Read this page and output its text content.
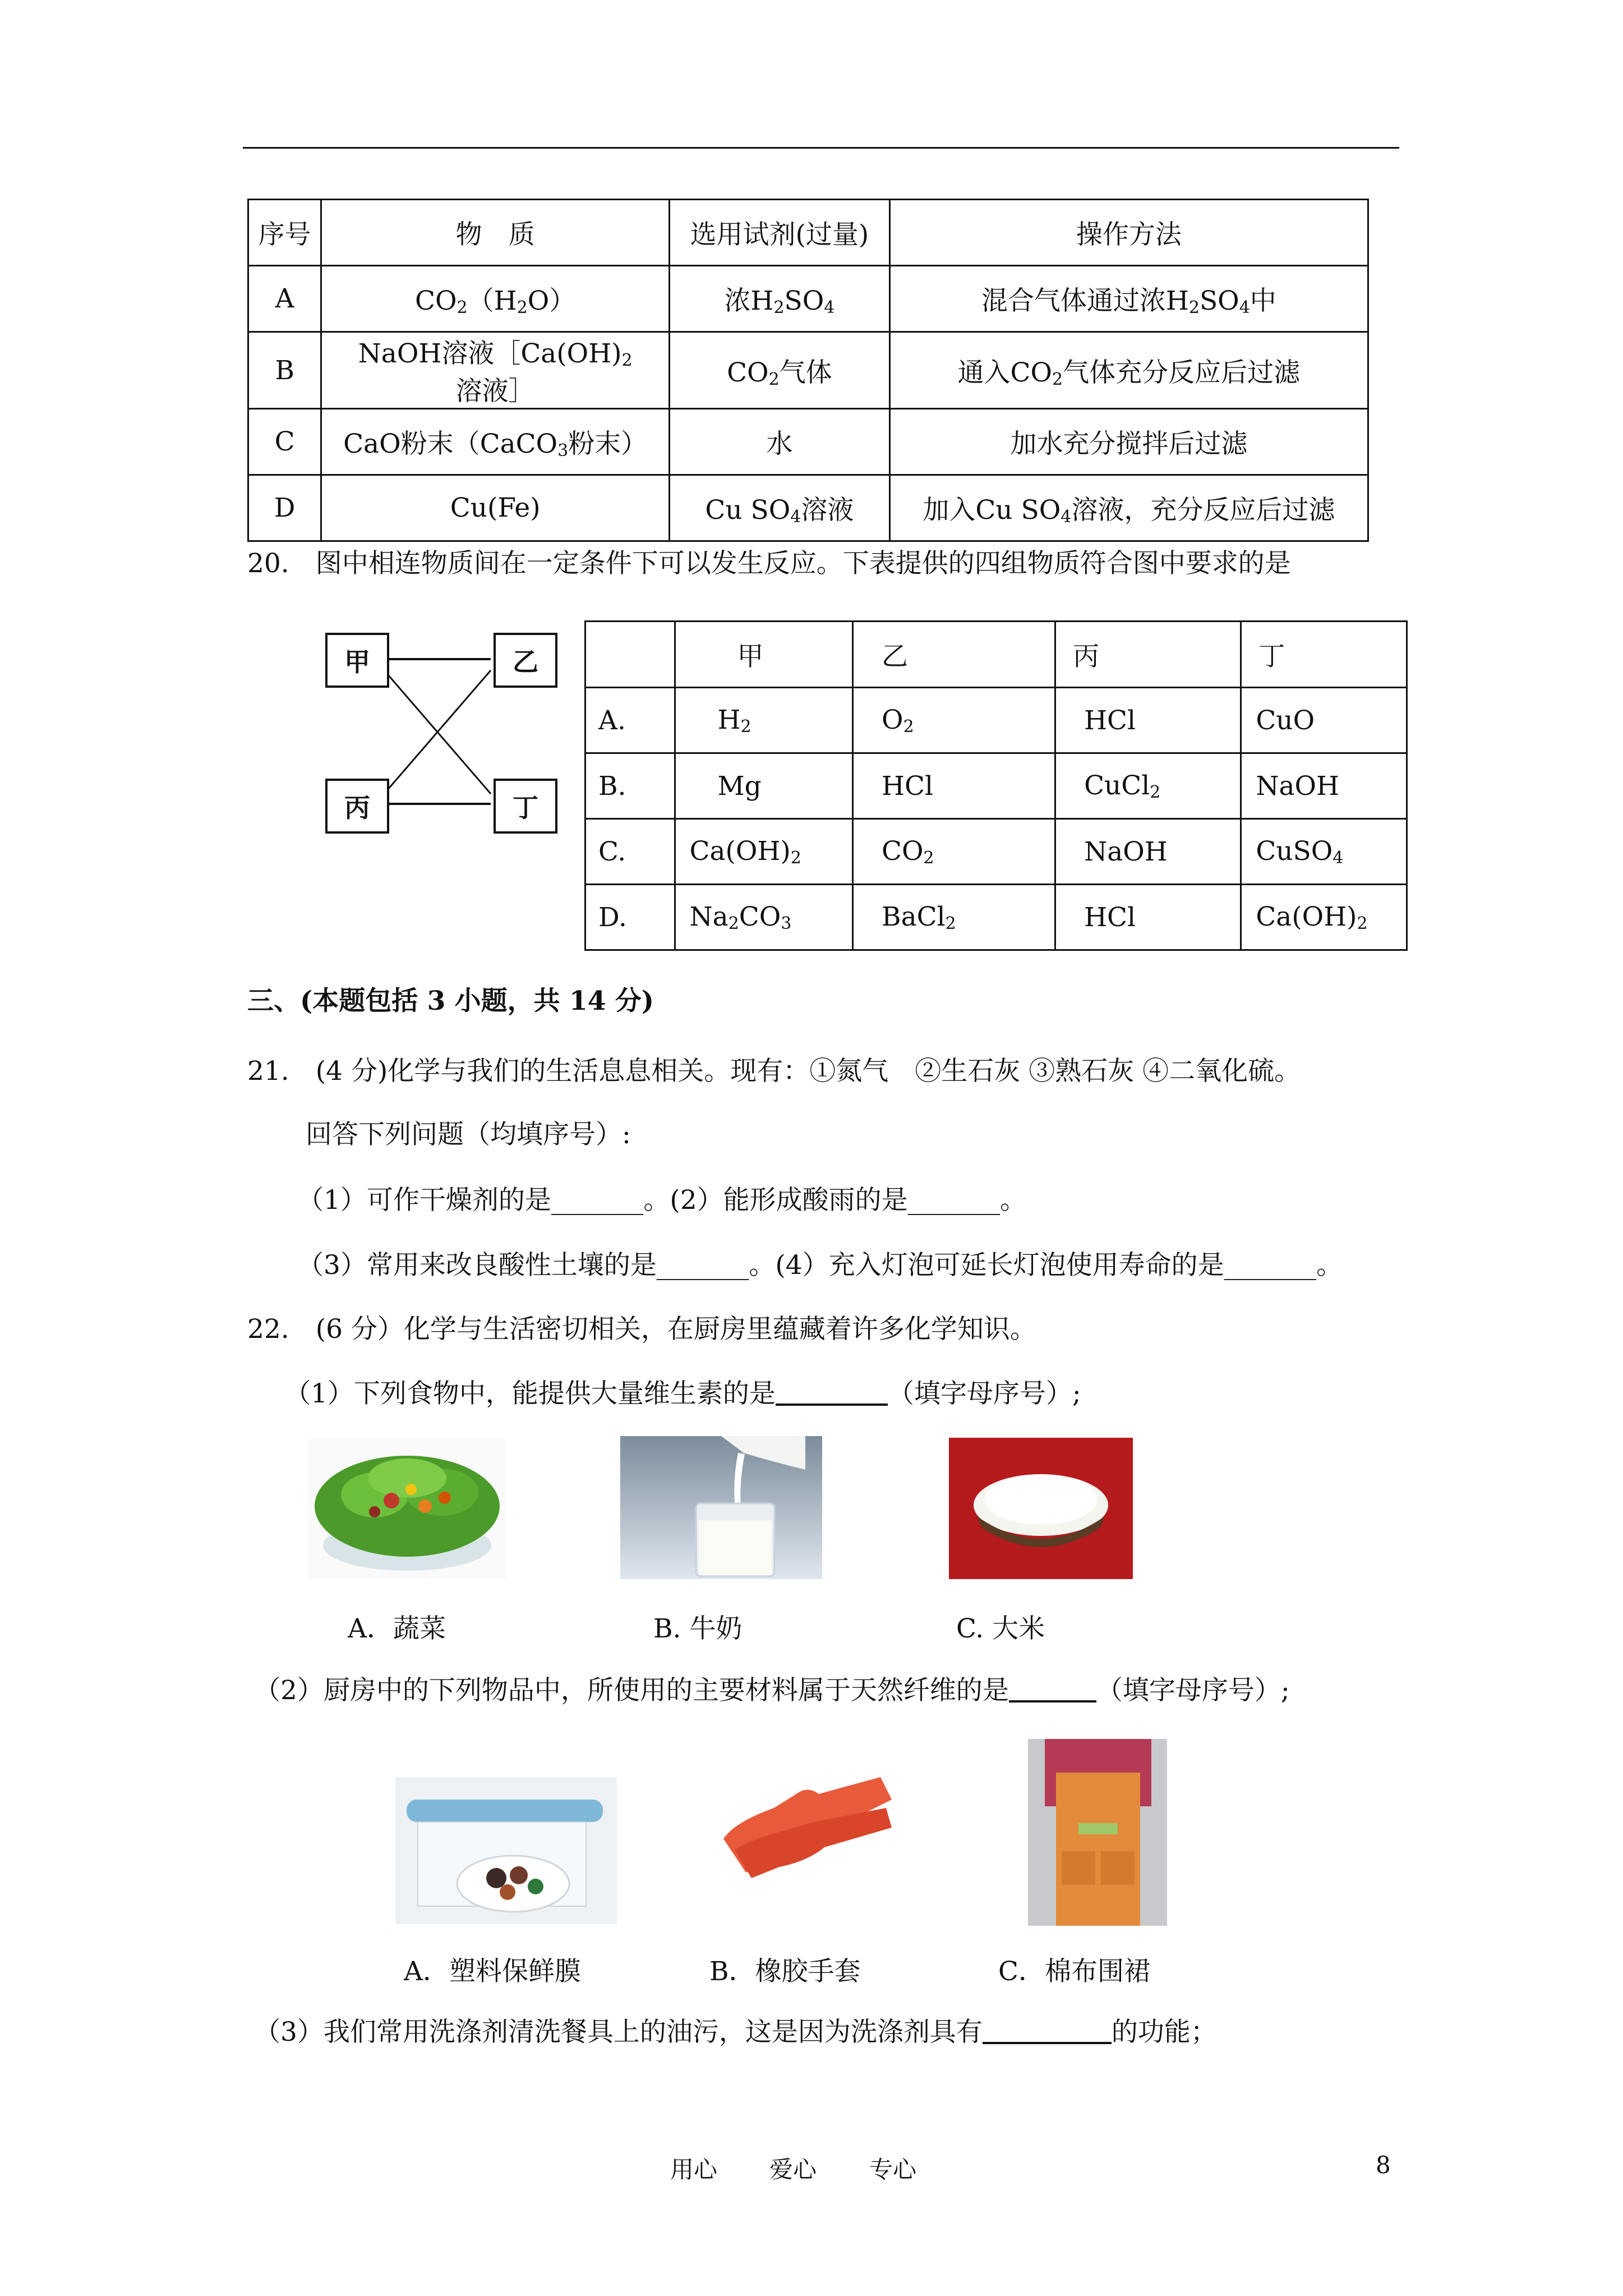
序号	物　质	选用试剂(过量)	操作方法
A	$CO_2(H_2O)$	浓$H_2SO_4$	混合气体通过浓$H_2SO_4$中
B	NaOH溶液$[Ca(OH)_2$溶液］	$CO_2$气体	通入$CO_2$气体充分反应后过滤
C	CaO粉末（CaCO$_3$粉末）	水	加水充分搅拌后过滤
D	Cu(Fe)	Cu $SO_4$溶液	加入Cu $SO_4$溶液，充分反应后过滤
20.　图中相连物质间在一定条件下可以发生反应。下表提供的四组物质符合图中要求的是
甲	乙
丙	丁
	甲	乙	丙	丁
A.	$H_2$	$O_2$	HCl	CuO
B.	Mg	HCl	CuCl$_2$	NaOH
C.	$Ca(OH)_2$	$CO_2$	NaOH	CuSO$_4$
D.	$Na_2CO_3$	BaCl$_2$	HCl	$Ca(OH)_2$
三、(本题包括 3 小题，共 14 分)
21.　(4 分)化学与我们的生活息息相关。现有：①氮气　②生石灰 ③熟石灰 ④二氧化硫。
回答下列问题（均填序号）:
（1）可作干燥剂的是_______。(2）能形成酸雨的是_______。
（3）常用来改良酸性土壤的是_______。(4）充入灯泡可延长灯泡使用寿命的是_______。
22.　(6 分）化学与生活密切相关，在厨房里蕴藏着许多化学知识。
（1）下列食物中，能提供大量维生素的是	（填字母序号）;
A．蔬菜	B. 牛奶	C. 大米
（2）厨房中的下列物品中，所使用的主要材料属于天然纤维的是	（填字母序号）;
A．塑料保鲜膜	B．橡胶手套	C．棉布围裙
（3）我们常用洗涤剂清洗餐具上的油污，这是因为洗涤剂具有	的功能；
用心 爱心 专心	8
